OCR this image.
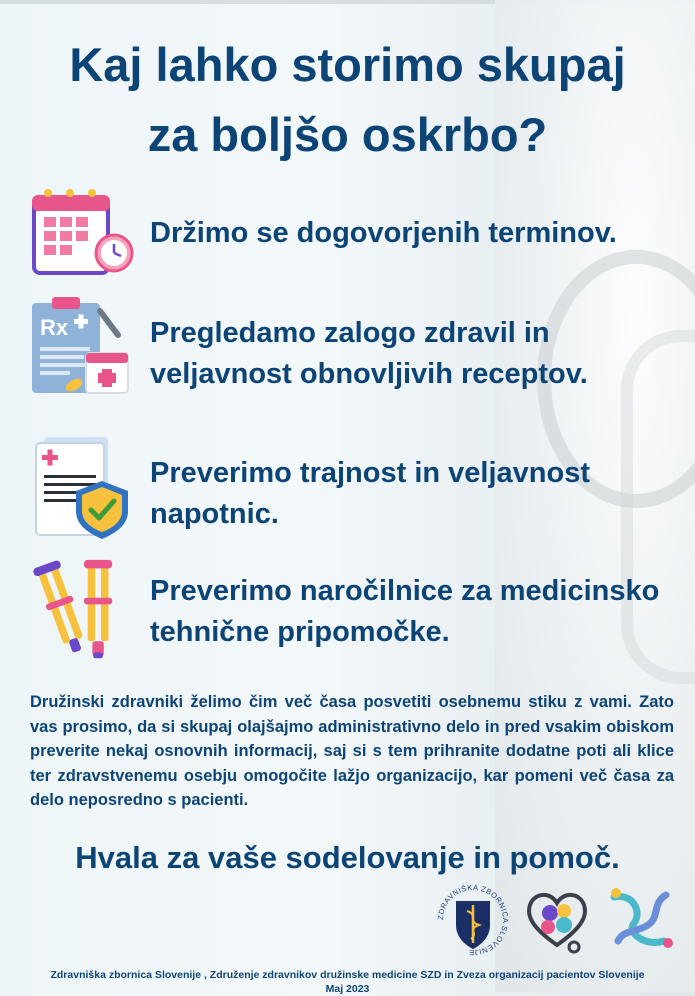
Kaj lahko storimo skupaj
za boljšo oskrbo?
Držimo se dogovorjenih terminov.
Rx	Pregledamo zalogo zdravil in
veljavnost obnovljivih receptov.
Preverimo trajnost in veljavnost
napotnic.
Preverimo naročilnice za medicinsko
tehnične pripomočke.

Družinski zdravniki želimo čim več časa posvetiti osebnemu stiku z vami. Zato vas prosimo, da si skupaj olajšajmo administrativno delo in pred vsakim obiskom preverite nekaj osnovnih informacij, saj si s tem prihranite dodatne poti ali klice ter zdravstvenemu osebju omogočite lažjo organizacijo, kar pomeni več časa za delo neposredno s pacienti.

Hvala za vaše sodelovanje in pomoč.
ZDRAVNIŠKA ZBORNICA SLOVENIJE
Zdravniška zbornica Slovenije , Združenje zdravnikov družinske medicine SZD in Zveza organizacij pacientov Slovenije
Maj 2023
